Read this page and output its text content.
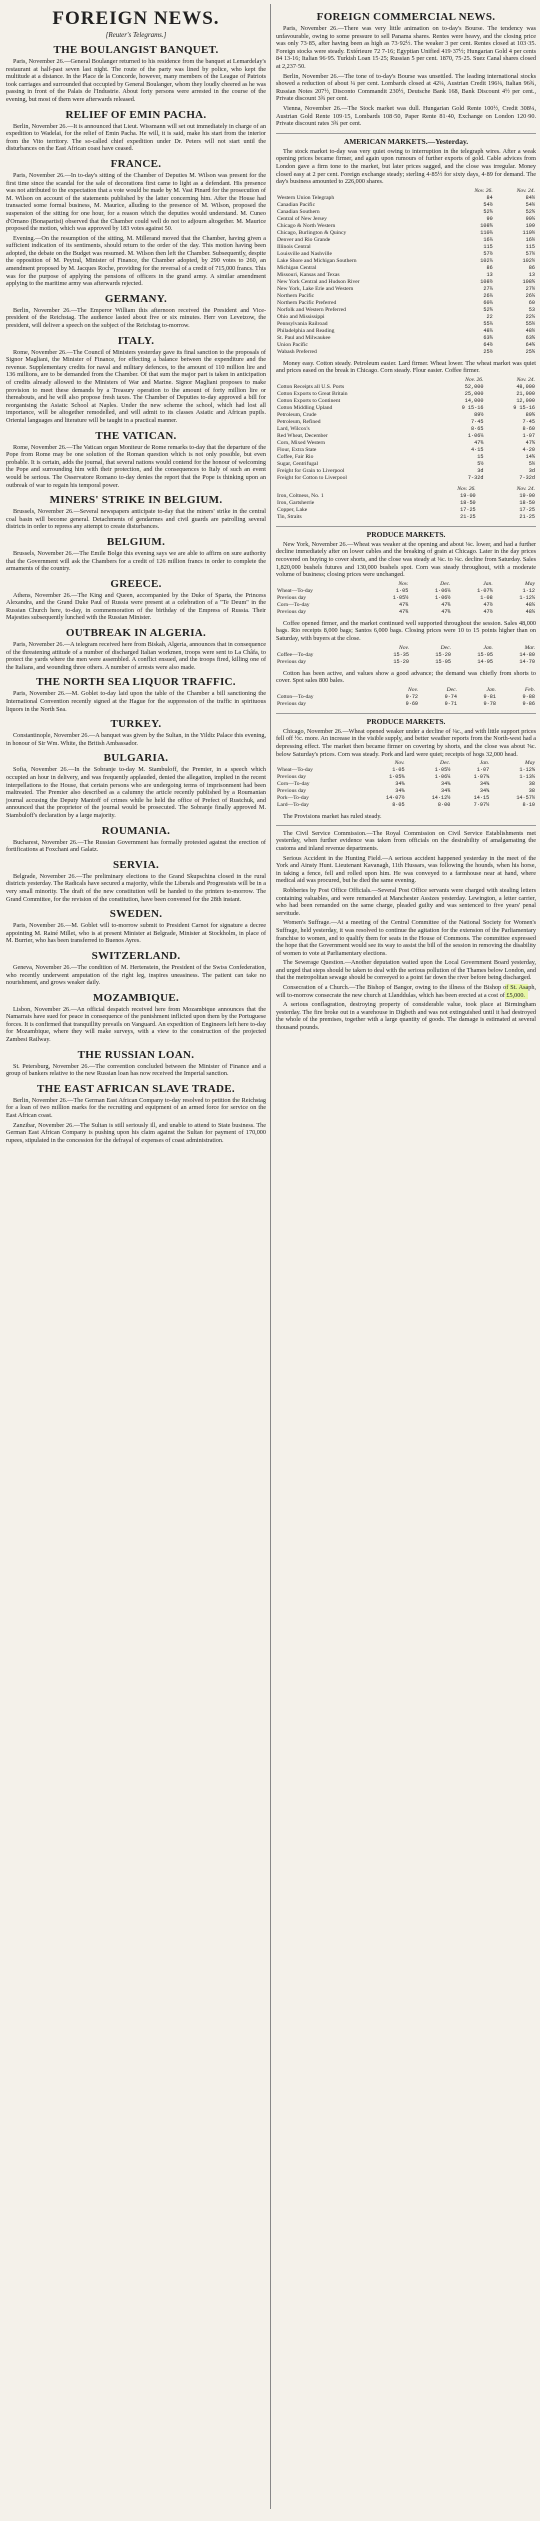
FOREIGN NEWS.
[Reuter's Telegrams.]
THE BOULANGIST BANQUET.

Paris, November 26.—General Boulanger returned to his residence from the banquet at Lemardelay's restaurant at half-past seven last night. The route of the party was lined by police, who kept the multitude at a distance. In the Place de la Concorde, however, many members of the League of Patriots took carriages and surrounded that occupied by General Boulanger, whom they loudly cheered as he was passing in front of the Palais de l'Industrie. About forty persons were arrested in the course of the evening, but most of them were afterwards released.

RELIEF OF EMIN PACHA.

Berlin, November 26.—It is announced that Lieut. Wissmann will set out immediately in charge of an expedition to Wadelai, for the relief of Emin Pacha. He will, it is said, make his start from the interior from the Vito territory. The so-called chief expedition under Dr. Peters will not start until the disturbances on the East African coast have ceased.

FRANCE.

Paris, November 26.—In to-day's sitting of the Chamber of Deputies M. Wilson was present for the first time since the scandal for the sale of decorations first came to light as a defendant. His presence was not attributed to the expectation that a vote would be made by M. Vast Pinard for the prosecution of M. Wilson on account of the statements published by the latter concerning him. After the House had transacted some formal business, M. Maurice, alluding to the presence of M. Wilson, proposed the suspension of the sitting for one hour, for a reason which the deputies would understand. M. Cuneo d'Ornano (Bonapartist) observed that the Chamber could well do not to adjourn altogether. M. Maurice proposed the motion, which was approved by 183 votes against 50.

Evening.—On the resumption of the sitting, M. Millerand moved that the Chamber, having given a sufficient indication of its sentiments, should return to the order of the day. This motion having been adopted, the debate on the Budget was resumed. M. Wilson then left the Chamber. Subsequently, despite the opposition of M. Peytral, Minister of Finance, the Chamber adopted, by 290 votes to 260, an amendment proposed by M. Jacques Roche, providing for the reversal of a credit of 715,000 francs. This was for the purpose of applying the pensions of officers in the grand army. A similar amendment applying to the maritime army was afterwards rejected.

GERMANY.

Berlin, November 26.—The Emperor William this afternoon received the President and Vice-president of the Reichstag. The audience lasted about five or six minutes. Herr von Levetzow, the president, will deliver a speech on the subject of the Reichstag to-morrow.

ITALY.

Rome, November 26.—The Council of Ministers yesterday gave its final sanction to the proposals of Signor Magliani, the Minister of Finance, for effecting a balance between the expenditure and the revenue. Supplementary credits for naval and military defences, to the amount of 110 million lire and 136 millions, are to be demanded from the Chamber. Of that sum the major part is taken in anticipation of credits already allowed to the Ministers of War and Marine. Signor Magliani proposes to make provision to meet these demands by a Treasury operation to the amount of forty million lire or thereabouts, and he will also propose fresh taxes. The Chamber of Deputies to-day approved a bill for reorganising the Asiatic School at Naples. Under the new scheme the school, which had lost all importance, will be altogether remodelled, and will admit to its classes Asiatic and African pupils. Oriental languages and literature will be taught in a practical manner.

THE VATICAN.

Rome, November 26.—The Vatican organ Moniteur de Rome remarks to-day that the departure of the Pope from Rome may be one solution of the Roman question which is not only possible, but even probable. It is certain, adds the journal, that several nations would contend for the honour of welcoming the Pope and surrounding him with their protection, and the consequences to Italy of such an event would be serious. The Osservatore Romano to-day denies the report that the Pope is thinking upon an outbreak of war to regain his temporal power.

MINERS' STRIKE IN BELGIUM.

Brussels, November 26.—Several newspapers anticipate to-day that the miners' strike in the central coal basin will become general. Detachments of gendarmes and civil guards are patrolling several districts in order to repress any attempt to create disturbances.

BELGIUM.

Brussels, November 26.—The Emile Bolge this evening says we are able to affirm on sure authority that the Government will ask the Chambers for a credit of 126 million francs in order to complete the armaments of the country.

GREECE.

Athens, November 26.—The King and Queen, accompanied by the Duke of Sparta, the Princess Alexandra, and the Grand Duke Paul of Russia were present at a celebration of a "Te Deum" in the Russian Church here, to-day, in commemoration of the birthday of the Empress of Russia. Their Majesties subsequently lunched with the Russian Minister.

OUTBREAK IN ALGERIA.

Paris, November 26.—A telegram received here from Biskah, Algeria, announces that in consequence of the threatening attitude of a number of discharged Italian workmen, troops were sent to La Châfa, to protect the yards where the men were assembled. A conflict ensued, and the troops fired, killing one of the Italians, and wounding three others. A number of arrests were also made.

THE NORTH SEA LIQUOR TRAFFIC.

Paris, November 26.—M. Goblet to-day laid upon the table of the Chamber a bill sanctioning the International Convention recently signed at the Hague for the suppression of the traffic in spirituous liquors in the North Sea.

TURKEY.

Constantinople, November 26.—A banquet was given by the Sultan, in the Yildiz Palace this evening, in honour of Sir Wm. White, the British Ambassador.

BULGARIA.

Sofia, November 26.—In the Sobranje to-day M. Stambuloff, the Premier, in a speech which occupied an hour in delivery, and was frequently applauded, denied the allegation, implied in the recent interpellations to the House, that certain persons who are undergoing terms of imprisonment had been maltreated. The Premier also described as a calumny the article recently published by a Roumanian journal accusing the Deputy Mantoff of crimes while he held the office of Prefect of Rustchuk, and announced that the proprietor of the journal would be prosecuted. The Sobranje finally approved M. Stambuloff's declaration by a large majority.

ROUMANIA.

Bucharest, November 26.—The Russian Government has formally protested against the erection of fortifications at Foxchani and Galatz.

SERVIA.

Belgrade, November 26.—The preliminary elections to the Grand Skupschina closed in the rural districts yesterday. The Radicals have secured a majority, while the Liberals and Progressists will be in a very small minority. The draft of the new constitution will be handed to the printers to-morrow. The Grand Committee, for the revision of the constitution, have been convened for the 28th instant.

SWEDEN.

Paris, November 26.—M. Goblet will to-morrow submit to President Carnot for signature a decree appointing M. Rainé Millet, who is at present Minister at Belgrade, Minister at Stockholm, in place of M. Burrier, who has been transferred to Buenos Ayres.

SWITZERLAND.

Geneva, November 26.—The condition of M. Hertenstein, the President of the Swiss Confederation, who recently underwent amputation of the right leg, inspires uneasiness. The patient can take no nourishment, and grows weaker daily.

MOZAMBIQUE.

Lisbon, November 26.—An official despatch received here from Mozambique announces that the Namarrais have sued for peace in consequence of the punishment inflicted upon them by the Portuguese forces. It is confirmed that tranquillity prevails on Vanguard. An expedition of Engineers left here to-day for Mozambique, where they will make surveys, with a view to the construction of the projected Zambesi Railway.

THE RUSSIAN LOAN.

St. Petersburg, November 26.—The convention concluded between the Minister of Finance and a group of bankers relative to the new Russian loan has now received the Imperial sanction.

THE EAST AFRICAN SLAVE TRADE.

Berlin, November 26.—The German East African Company to-day resolved to petition the Reichstag for a loan of two million marks for the recruiting and equipment of an armed force for service on the East African coast.

Zanzibar, November 26.—The Sultan is still seriously ill, and unable to attend to State business. The German East African Company is pushing upon his claim against the Sultan for payment of 170,000 rupees, stipulated in the concession for the defrayal of expenses of coast administration.

FOREIGN COMMERCIAL NEWS.

Paris, November 26.—There was very little animation on to-day's Bourse. The tendency was unfavourable, owing to some pressure to sell Panama shares. Rentes were heavy, and the closing price was only 73·85, after having been as high as 73·92½. The weaker 3 per cent. Rentes closed at 103·35. Foreign stocks were steady. Extérieure 72 7-16; Egyptian Unified 419·37½; Hungarian Gold 4 per cents 84 13-16; Italian 96·95. Turkish Loan 15·25; Russian 5 per cent. 1870, 75·25. Suez Canal shares closed at 2,237·50.

Berlin, November 26.—The tone of to-day's Bourse was unsettled. The leading international stocks showed a reduction of about ¼ per cent. Lombards closed at 42¼, Austrian Credit 196¼, Italian 96¾, Russian Notes 207½, Disconto Commandit 230½, Deutsche Bank 168, Bank Discount 4½ per cent., Private discount 3¾ per cent.

Vienna, November 26.—The Stock market was dull. Hungarian Gold Rente 100½, Credit 308¼, Austrian Gold Rente 109·15, Lombards 108·50, Paper Rente 81·40, Exchange on London 120·90. Private discount rates 3¾ per cent.

AMERICAN MARKETS.—Yesterday.

The stock market to-day was very quiet owing to interruption in the telegraph wires. After a weak opening prices became firmer, and again upon rumours of further exports of gold. Cable advices from London gave a firm tone to the market, but later prices sagged, and the close was irregular. Money closed easy at 2 per cent. Foreign exchange steady; sterling 4·85½ for sixty days, 4·89 for demand. The day's business amounted to 226,000 shares.

	Nov. 26.	Nov. 24.
Western Union Telegraph	84	84½
Canadian Pacific	54½	54½
Canadian Southern	52¾	52¾
Central of New Jersey	90	90¼
Chicago & North Western	108¾	109
Chicago, Burlington & Quincy	110¼	110½
Denver and Rio Grande	16¼	16½
Illinois Central	115	115
Louisville and Nashville	57½	57½
Lake Shore and Michigan Southern	102¼	102½
Michigan Central	86	86
Missouri, Kansas and Texas	13	13
New York Central and Hudson River	108½	108¾
New York, Lake Erie and Western	27¼	27½
Northern Pacific	26¼	26¼
Northern Pacific Preferred	60¼	60
Norfolk and Western Preferred	52¾	53
Ohio and Mississippi	22	22¼
Pennsylvania Railroad	55¼	55½
Philadelphia and Reading	48¼	48½
St. Paul and Milwaukee	63¾	63¾
Union Pacific	64½	64¾
Wabash Preferred	25½	25¾

Money easy. Cotton steady. Petroleum easier. Lard firmer. Wheat lower. The wheat market was quiet and prices eased on the break in Chicago. Corn steady. Flour easier. Coffee firmer.

	Nov. 26.	Nov. 24.
Cotton Receipts all U.S. Ports	52,000	48,000
Cotton Exports to Great Britain	25,000	21,000
Cotton Exports to Continent	14,000	12,000
Cotton Middling Upland	9 15-16	9 15-16
Petroleum, Crude	89½	89¾
Petroleum, Refined	7·45	7·45
Lard, Wilcox's	8·65	8·60
Red Wheat, December	1·06¼	1·07
Corn, Mixed Western	47¾	47¾
Flour, Extra State	4·15	4·20
Coffee, Fair Rio	15	14¾
Sugar, Centrifugal	5½	5½
Freight for Grain to Liverpool	3d	3d
Freight for Cotton to Liverpool	7-32d	7-32d
	Nov. 26.	Nov. 24.
Iron, Coltness, No. 1	19·00	19·00
Iron, Gartsherrie	18·50	18·50
Copper, Lake	17·25	17·25
Tin, Straits	21·25	21·25
PRODUCE MARKETS.

New York, November 26.—Wheat was weaker at the opening and about ⅛c. lower, and had a further decline immediately after on lower cables and the breaking of grain at Chicago. Later in the day prices recovered on buying to cover shorts, and the close was steady at ⅛c. to ¼c. decline from Saturday. Sales 1,820,000 bushels futures and 130,000 bushels spot. Corn was steady throughout, with a moderate volume of business; closing prices were unchanged.

	Nov.	Dec.	Jan.	May
Wheat—To-day	1·05	1·06¼	1·07¾	1·12
Previous day	1·05½	1·06½	1·08	1·12¼
Corn—To-day	47¾	47¾	47½	48¼
Previous day	47¾	47¾	47½	48¼

Coffee opened firmer, and the market continued well supported throughout the session. Sales 48,000 bags. Rio receipts 8,000 bags; Santos 6,000 bags. Closing prices were 10 to 15 points higher than on Saturday, with buyers at the close.

	Nov.	Dec.	Jan.	Mar.
Coffee—To-day	15·35	15·20	15·05	14·80
Previous day	15·20	15·05	14·95	14·70

Cotton has been active, and values show a good advance; the demand was chiefly from shorts to cover. Spot sales 800 bales.

	Nov.	Dec.	Jan.	Feb.
Cotton—To-day	9·72	9·74	9·81	9·88
Previous day	9·69	9·71	9·78	9·86
PRODUCE MARKETS.

Chicago, November 26.—Wheat opened weaker under a decline of ¼c., and with little support prices fell off ½c. more. An increase in the visible supply, and better weather reports from the North-west had a depressing effect. The market then became firmer on covering by shorts, and the close was about ⅝c. below Saturday's prices. Corn was steady. Pork and lard were quiet; receipts of hogs 32,000 head.

	Nov.	Dec.	Jan.	May
Wheat—To-day	1·05	1·05½	1·07	1·12⅝
Previous day	1·05⅝	1·06¼	1·07⅝	1·13¼
Corn—To-day	34⅝	34⅝	34⅝	38
Previous day	34⅝	34¾	34⅝	38
Pork—To-day	14·07½	14·12½	14·15	14·57½
Lard—To-day	8·05	8·00	7·97½	8·10

The Provisions market has ruled steady.

The Civil Service Commission.—The Royal Commission on Civil Service Establishments met yesterday, when further evidence was taken from officials on the desirability of amalgamating the customs and inland revenue departments.

Serious Accident in the Hunting Field.—A serious accident happened yesterday in the meet of the York and Ainsty Hunt. Lieutenant Kavanagh, 11th Hussars, was following the hounds, when his horse, in taking a fence, fell and rolled upon him. He was conveyed to a farmhouse near at hand, where medical aid was procured, but he died the same evening.

Robberies by Post Office Officials.—Several Post Office servants were charged with stealing letters containing valuables, and were remanded at Manchester Assizes yesterday. Lewington, a letter carrier, who had been remanded on the same charge, pleaded guilty and was sentenced to five years' penal servitude.

Women's Suffrage.—At a meeting of the Central Committee of the National Society for Women's Suffrage, held yesterday, it was resolved to continue the agitation for the extension of the Parliamentary franchise to women, and to qualify them for seats in the House of Commons. The committee expressed the hope that the Government would see its way to assist the bill of the session in removing the disability of women to vote at Parliamentary elections.

The Sewerage Question.—Another deputation waited upon the Local Government Board yesterday, and urged that steps should be taken to deal with the serious pollution of the Thames below London, and that the metropolitan sewage should be conveyed to a point far down the river before being discharged.

Consecration of a Church.—The Bishop of Bangor, owing to the illness of the Bishop of St. Asaph, will to-morrow consecrate the new church at Llanddulas, which has been erected at a cost of £5,000.

A serious conflagration, destroying property of considerable value, took place at Birmingham yesterday. The fire broke out in a warehouse in Digbeth and was not extinguished until it had destroyed the whole of the premises, together with a large quantity of goods. The damage is estimated at several thousand pounds.
